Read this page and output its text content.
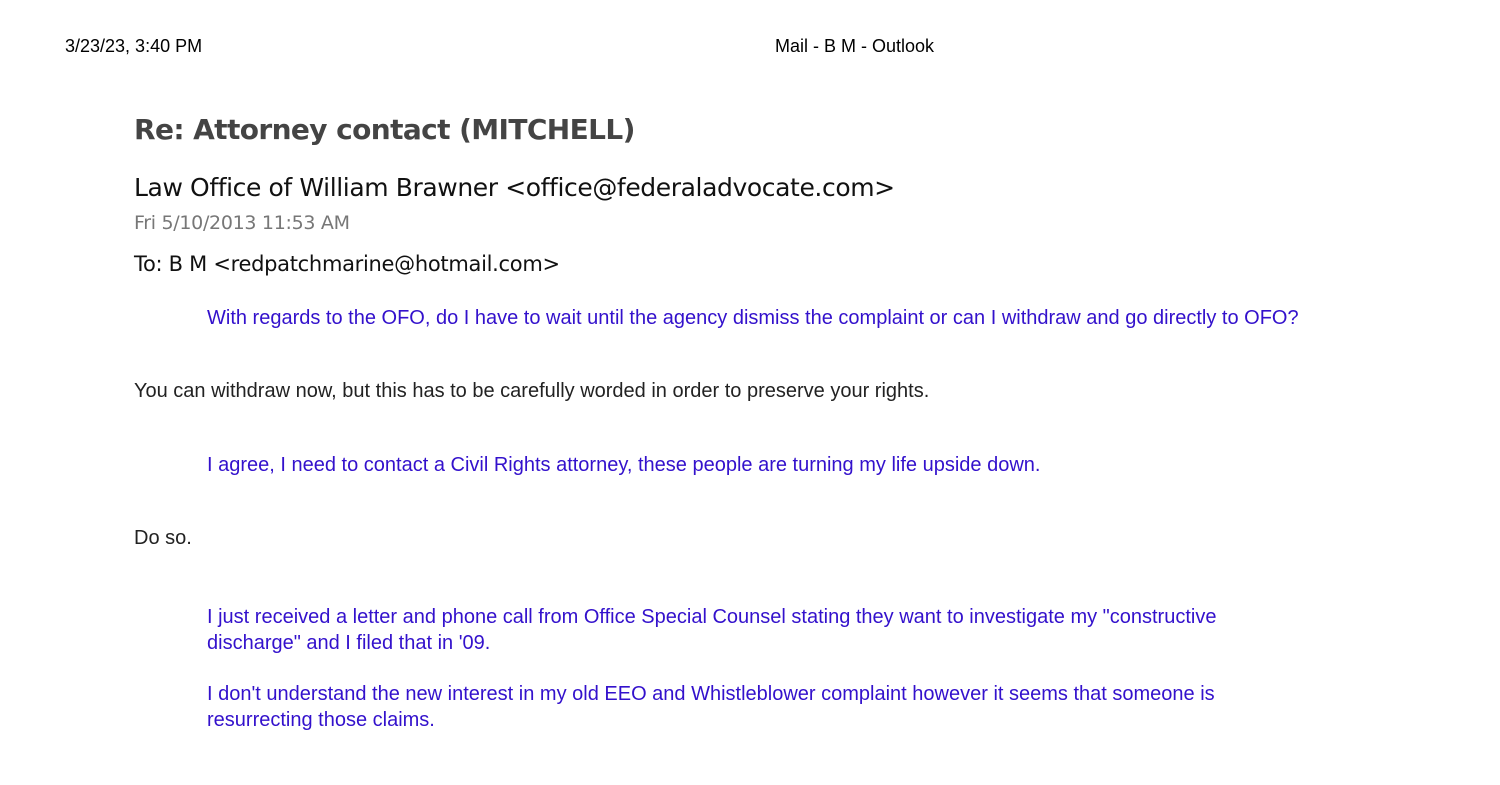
3/23/23, 3:40 PM	Mail - B M - Outlook
Re: Attorney contact (MITCHELL)
Law Office of William Brawner <office@federaladvocate.com>
Fri 5/10/2013 11:53 AM
To: B M <redpatchmarine@hotmail.com>
With regards to the OFO, do I have to wait until the agency dismiss the complaint or can I withdraw and go directly to OFO?
You can withdraw now, but this has to be carefully worded in order to preserve your rights.
I agree, I need to contact a Civil Rights attorney, these people are turning my life upside down.
Do so.
I just received a letter and phone call from Office Special Counsel stating they want to investigate my "constructive discharge" and I filed that in '09.
I don't understand the new interest in my old EEO and Whistleblower complaint however it seems that someone is resurrecting those claims.
